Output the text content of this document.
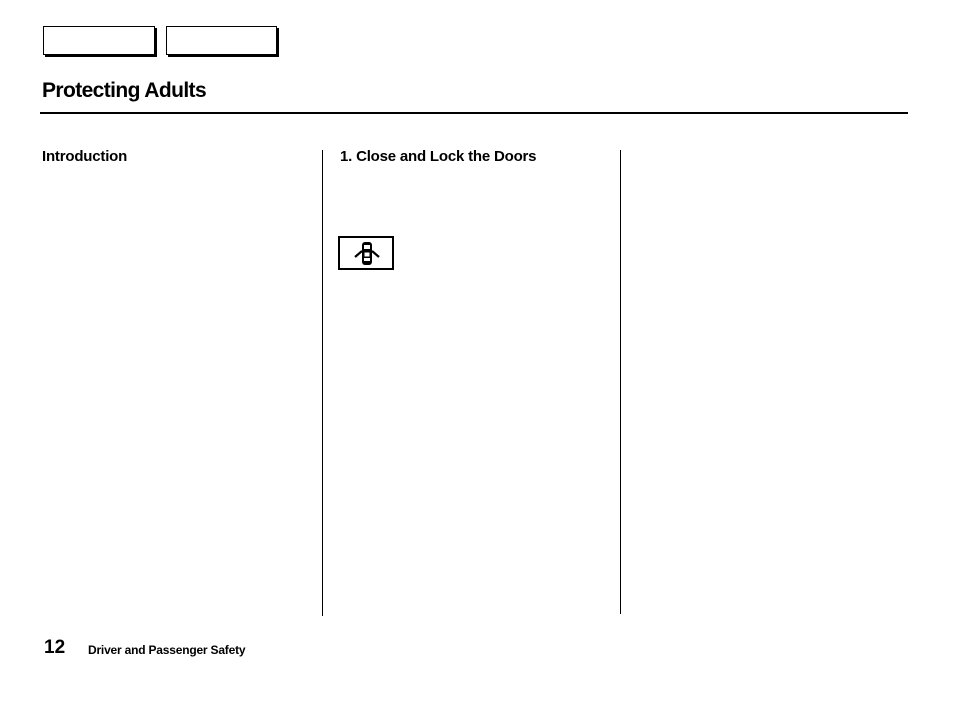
Protecting Adults
Introduction	1. Close and Lock the Doors
12 Driver and Passenger Safety
